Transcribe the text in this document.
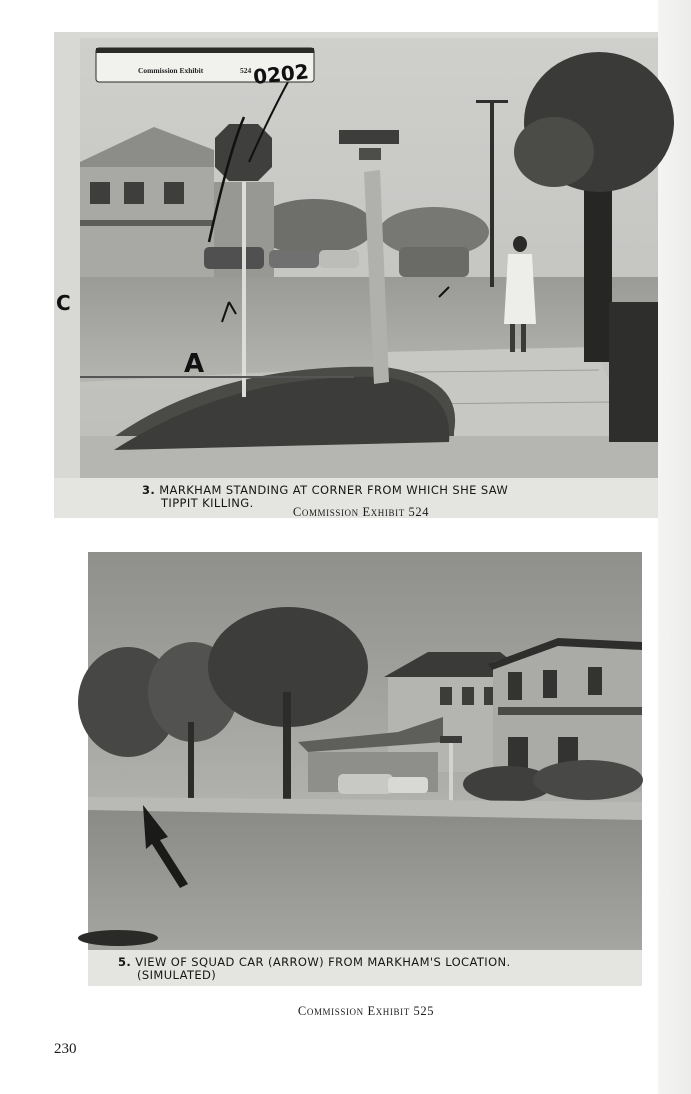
Commission Exhibit	524 0202
C
A
3. MARKHAM STANDING AT CORNER FROM WHICH SHE SAW
TIPPIT KILLING.
Commission Exhibit 524
5. VIEW OF SQUAD CAR (ARROW) FROM MARKHAM'S LOCATION.
(SIMULATED)
Commission Exhibit 525
230
